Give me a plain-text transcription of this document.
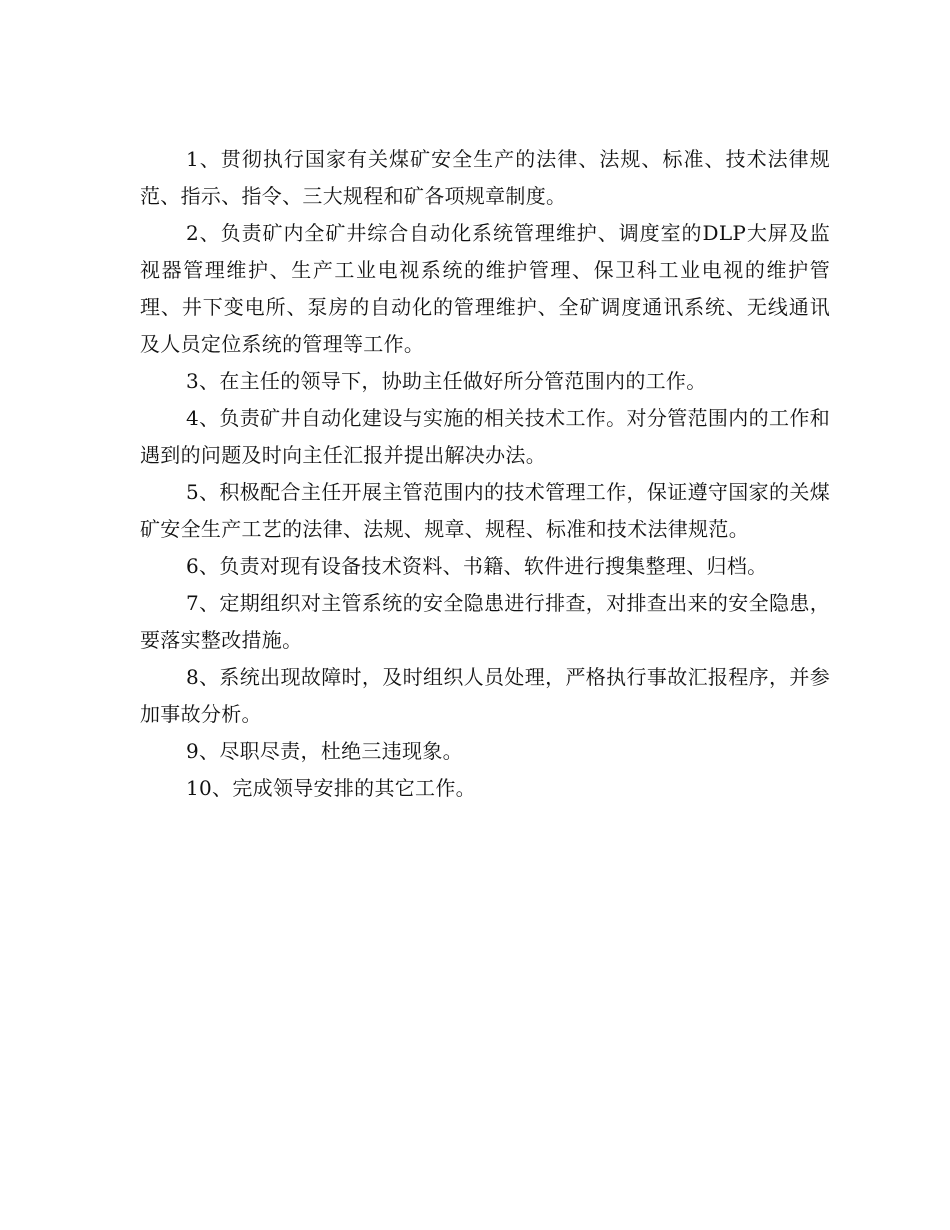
1、贯彻执行国家有关煤矿安全生产的法律、法规、标准、技术法律规范、指示、指令、三大规程和矿各项规章制度。

2、负责矿内全矿井综合自动化系统管理维护、调度室的DLP大屏及监视器管理维护、生产工业电视系统的维护管理、保卫科工业电视的维护管理、井下变电所、泵房的自动化的管理维护、全矿调度通讯系统、无线通讯及人员定位系统的管理等工作。

3、在主任的领导下，协助主任做好所分管范围内的工作。

4、负责矿井自动化建设与实施的相关技术工作。对分管范围内的工作和遇到的问题及时向主任汇报并提出解决办法。

5、积极配合主任开展主管范围内的技术管理工作，保证遵守国家的关煤矿安全生产工艺的法律、法规、规章、规程、标准和技术法律规范。

6、负责对现有设备技术资料、书籍、软件进行搜集整理、归档。

7、定期组织对主管系统的安全隐患进行排查，对排查出来的安全隐患，要落实整改措施。

8、系统出现故障时，及时组织人员处理，严格执行事故汇报程序，并参加事故分析。

9、尽职尽责，杜绝三违现象。

10、完成领导安排的其它工作。
